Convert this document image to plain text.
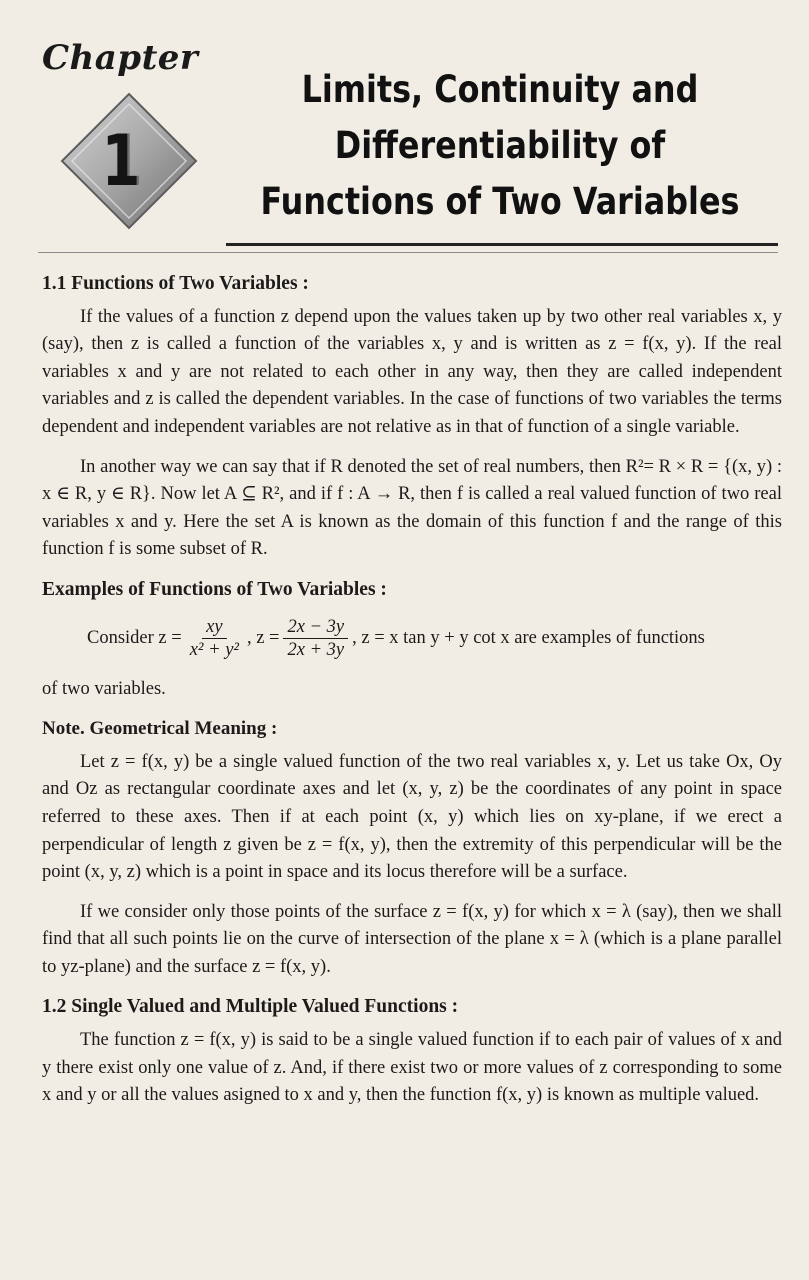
Chapter
1
Limits, Continuity and
Differentiability of
Functions of Two Variables
1.1 Functions of Two Variables :

If the values of a function z depend upon the values taken up by two other real variables x, y (say), then z is called a function of the variables x, y and is written as z = f(x, y). If the real variables x and y are not related to each other in any way, then they are called independent variables and z is called the dependent variables. In the case of functions of two variables the terms dependent and independent variables are not relative as in that of function of a single variable.

In another way we can say that if R denoted the set of real numbers, then R²= R × R = {(x, y) : x ∈ R, y ∈ R}. Now let A ⊆ R², and if f : A → R, then f is called a real valued function of two real variables x and y. Here the set A is known as the domain of this function f and the range of this function f is some subset of R.

Examples of Functions of Two Variables :
Consider $z = \frac{xy}{\text{x² + y²}}$ , $z = \frac{2x - 3y}{2x + 3y}$ , z = x tan y + y cot x are examples of functions
of two variables.
Note. Geometrical Meaning :

Let z = f(x, y) be a single valued function of the two real variables x, y. Let us take Ox, Oy and Oz as rectangular coordinate axes and let (x, y, z) be the coordinates of any point in space referred to these axes. Then if at each point (x, y) which lies on xy-plane, if we erect a perpendicular of length z given be z = f(x, y), then the extremity of this perpendicular will be the point (x, y, z) which is a point in space and its locus therefore will be a surface.

If we consider only those points of the surface z = f(x, y) for which x = λ (say), then we shall find that all such points lie on the curve of intersection of the plane x = λ (which is a plane parallel to yz-plane) and the surface z = f(x, y).

1.2 Single Valued and Multiple Valued Functions :

The function z = f(x, y) is said to be a single valued function if to each pair of values of x and y there exist only one value of z. And, if there exist two or more values of z corresponding to some x and y or all the values asigned to x and y, then the function f(x, y) is known as multiple valued.
